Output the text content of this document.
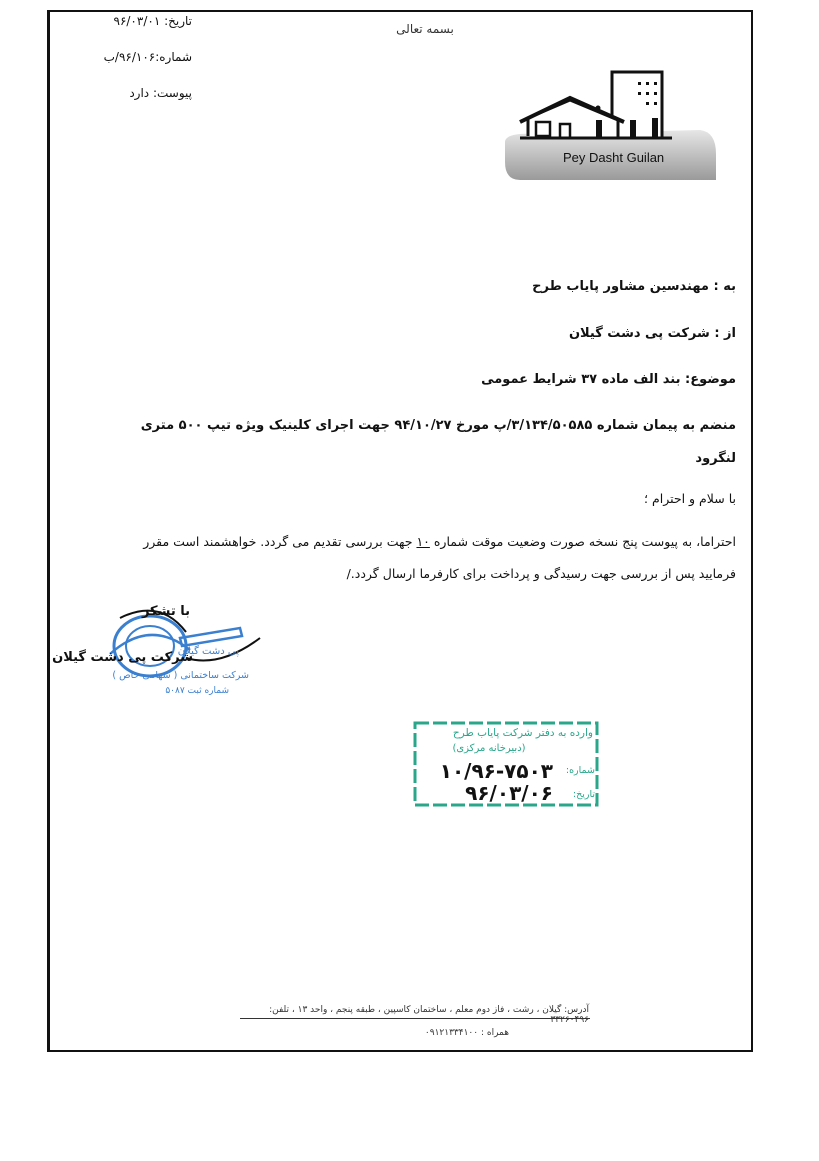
بسمه تعالی
تاریخ: ۹۶/۰۳/۰۱
شماره:۹۶/۱۰۶/ب
پیوست: دارد
Pey Dasht Guilan
به : مهندسین مشاور پایاب طرح
از : شرکت پی دشت گیلان
موضوع: بند الف ماده ۳۷ شرایط عمومی
منضم به پیمان شماره ۳/۱۳۴/۵۰۵۸۵/پ مورخ ۹۴/۱۰/۲۷ جهت اجرای کلینیک ویژه تیپ ۵۰۰ متری
لنگرود
با سلام و احترام ؛
احتراما، به پیوست پنج نسخه صورت وضعیت موقت شماره ۱۰ جهت بررسی تقدیم می گردد. خواهشمند است مقرر
فرمایید پس از بررسی جهت رسیدگی و پرداخت برای کارفرما ارسال گردد./
با تشکر
شرکت پی دشت گیلان
پی دشت گیلان
شرکت ساختمانی ( سهامی خاص )
شماره ثبت ۵۰۸۷
وارده به دفتر شرکت پایاب طرح
(دبیرخانه مرکزی)
شماره:
۱۰/۹۶-۷۵۰۳
تاریخ:
۹۶/۰۳/۰۶
آدرس: گیلان ، رشت ، فاز دوم معلم ، ساختمان کاسپین ، طبقه پنجم ، واحد ۱۳ ، تلفن: ۳۳۲۶۰۴۹۶
همراه : ۰۹۱۲۱۳۳۴۱۰۰
